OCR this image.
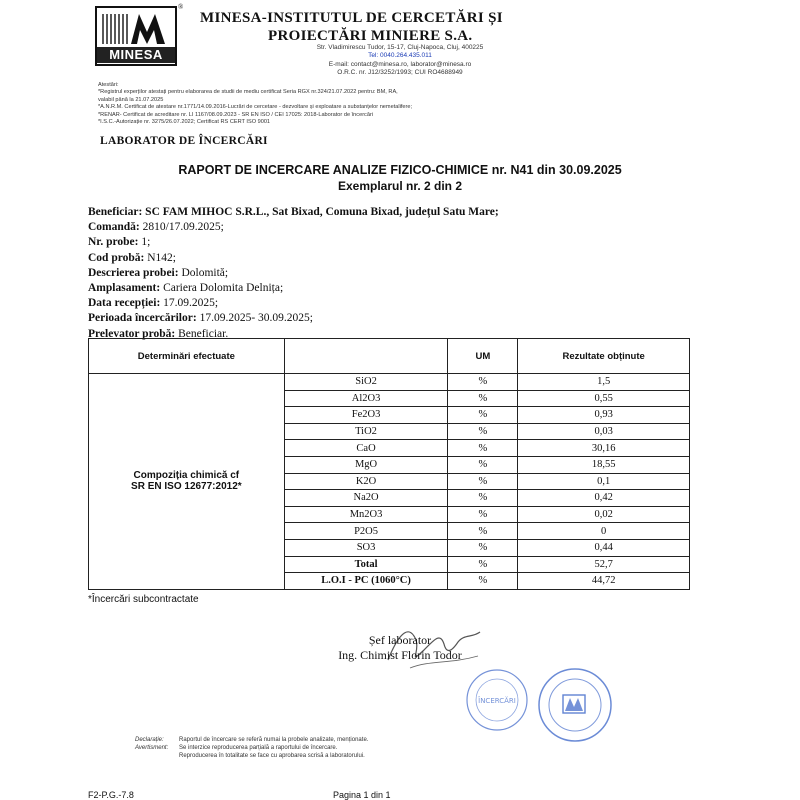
MINESA
®
MINESA-INSTITUTUL DE CERCETĂRI ȘI
PROIECTĂRI MINIERE S.A.
Str. Vladimirescu Tudor, 15-17, Cluj-Napoca, Cluj, 400225
Tel: 0040.264.435.011
E-mail: contact@minesa.ro, laborator@minesa.ro
O.R.C. nr. J12/3252/1993; CUI RO4688949
Atestări:
*Registrul experților atestați pentru elaborarea de studii de mediu certificat Seria RGX nr.324/21.07.2022 pentru: BM, RA,
valabil până la 21.07.2025
*A.N.R.M. Certificat de atestare nr.1771/14.09.2016-Lucrări de cercetare - dezvoltare și exploatare a substanțelor nemetalifere;
*RENAR- Certificat de acreditare nr. LI 1167/08.09.2023 - SR EN ISO / CEI 17025: 2018-Laborator de încercări
*I.S.C.-Autorizație nr. 3275/26.07.2022; Certificat RS CERT ISO 9001
LABORATOR DE ÎNCERCĂRI
RAPORT DE INCERCARE ANALIZE FIZICO-CHIMICE nr. N41 din 30.09.2025
Exemplarul nr. 2 din 2
Beneficiar: SC FAM MIHOC S.R.L., Sat Bixad, Comuna Bixad, județul Satu Mare;
Comandă: 2810/17.09.2025;
Nr. probe: 1;
Cod probă: N142;
Descrierea probei: Dolomită;
Amplasament: Cariera Dolomita Delnița;
Data recepției: 17.09.2025;
Perioada încercărilor: 17.09.2025- 30.09.2025;
Prelevator probă: Beneficiar.
Determinări efectuate		UM	Rezultate obținute

Compoziția chimică cf
SR EN ISO 12677:2012*	SiO2	%	1,5
	Al2O3	%	0,55
	Fe2O3	%	0,93
	TiO2	%	0,03
	CaO	%	30,16
	MgO	%	18,55
	K2O	%	0,1
	Na2O	%	0,42
	Mn2O3	%	0,02
	P2O5	%	0
	SO3	%	0,44
	Total	%	52,7
	L.O.I - PC (1060°C)	%	44,72
*Încercări subcontractate
Șef laborator
Ing. Chimist Florin Todor
ÎNCERCĂRI
Declarație:	Raportul de încercare se referă numai la probele analizate, menționate.
Avertisment: Se interzice reproducerea parțială a raportului de încercare.
Reproducerea în totalitate se face cu aprobarea scrisă a laboratorului.
F2-P.G.-7.8	Pagina 1 din 1
